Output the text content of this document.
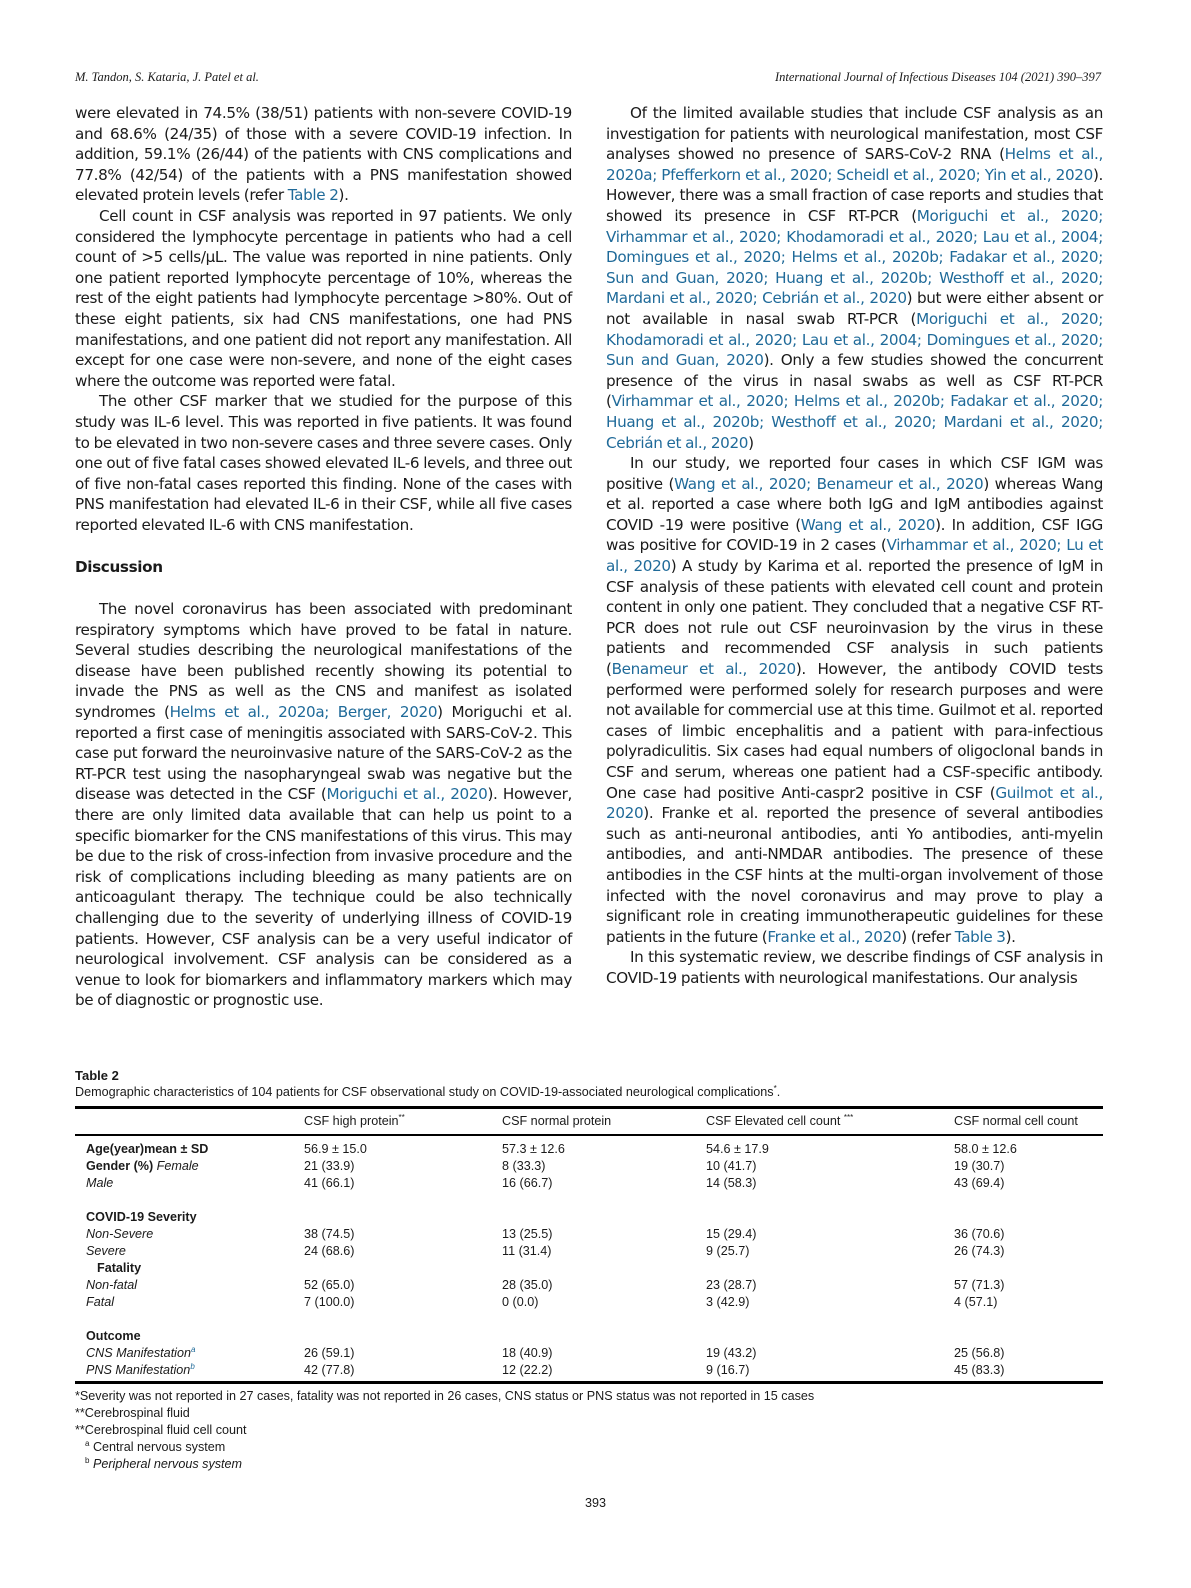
M. Tandon, S. Kataria, J. Patel et al.	International Journal of Infectious Diseases 104 (2021) 390–397

were elevated in 74.5% (38/51) patients with non-severe COVID-19 and 68.6% (24/35) of those with a severe COVID-19 infection. In addition, 59.1% (26/44) of the patients with CNS complications and 77.8% (42/54) of the patients with a PNS manifestation showed elevated protein levels (refer Table 2).

Cell count in CSF analysis was reported in 97 patients. We only considered the lymphocyte percentage in patients who had a cell count of >5 cells/μL. The value was reported in nine patients. Only one patient reported lymphocyte percentage of 10%, whereas the rest of the eight patients had lymphocyte percentage >80%. Out of these eight patients, six had CNS manifestations, one had PNS manifestations, and one patient did not report any manifestation. All except for one case were non-severe, and none of the eight cases where the outcome was reported were fatal.

The other CSF marker that we studied for the purpose of this study was IL-6 level. This was reported in five patients. It was found to be elevated in two non-severe cases and three severe cases. Only one out of five fatal cases showed elevated IL-6 levels, and three out of five non-fatal cases reported this finding. None of the cases with PNS manifestation had elevated IL-6 in their CSF, while all five cases reported elevated IL-6 with CNS manifestation.

Discussion

The novel coronavirus has been associated with predominant respiratory symptoms which have proved to be fatal in nature. Several studies describing the neurological manifestations of the disease have been published recently showing its potential to invade the PNS as well as the CNS and manifest as isolated syndromes (Helms et al., 2020a; Berger, 2020) Moriguchi et al. reported a first case of meningitis associated with SARS-CoV-2. This case put forward the neuroinvasive nature of the SARS-CoV-2 as the RT-PCR test using the nasopharyngeal swab was negative but the disease was detected in the CSF (Moriguchi et al., 2020). However, there are only limited data available that can help us point to a specific biomarker for the CNS manifestations of this virus. This may be due to the risk of cross-infection from invasive procedure and the risk of complications including bleeding as many patients are on anticoagulant therapy. The technique could be also technically challenging due to the severity of underlying illness of COVID-19 patients. However, CSF analysis can be a very useful indicator of neurological involvement. CSF analysis can be considered as a venue to look for biomarkers and inflammatory markers which may be of diagnostic or prognostic use.

Of the limited available studies that include CSF analysis as an investigation for patients with neurological manifestation, most CSF analyses showed no presence of SARS-CoV-2 RNA (Helms et al., 2020a; Pfefferkorn et al., 2020; Scheidl et al., 2020; Yin et al., 2020). However, there was a small fraction of case reports and studies that showed its presence in CSF RT-PCR (Moriguchi et al., 2020; Virhammar et al., 2020; Khodamoradi et al., 2020; Lau et al., 2004; Domingues et al., 2020; Helms et al., 2020b; Fadakar et al., 2020; Sun and Guan, 2020; Huang et al., 2020b; Westhoff et al., 2020; Mardani et al., 2020; Cebrián et al., 2020) but were either absent or not available in nasal swab RT-PCR (Moriguchi et al., 2020; Khodamoradi et al., 2020; Lau et al., 2004; Domingues et al., 2020; Sun and Guan, 2020). Only a few studies showed the concurrent presence of the virus in nasal swabs as well as CSF RT-PCR (Virhammar et al., 2020; Helms et al., 2020b; Fadakar et al., 2020; Huang et al., 2020b; Westhoff et al., 2020; Mardani et al., 2020; Cebrián et al., 2020)

In our study, we reported four cases in which CSF IGM was positive (Wang et al., 2020; Benameur et al., 2020) whereas Wang et al. reported a case where both IgG and IgM antibodies against COVID -19 were positive (Wang et al., 2020). In addition, CSF IGG was positive for COVID-19 in 2 cases (Virhammar et al., 2020; Lu et al., 2020) A study by Karima et al. reported the presence of IgM in CSF analysis of these patients with elevated cell count and protein content in only one patient. They concluded that a negative CSF RT-PCR does not rule out CSF neuroinvasion by the virus in these patients and recommended CSF analysis in such patients (Benameur et al., 2020). However, the antibody COVID tests performed were performed solely for research purposes and were not available for commercial use at this time. Guilmot et al. reported cases of limbic encephalitis and a patient with para-infectious polyradiculitis. Six cases had equal numbers of oligoclonal bands in CSF and serum, whereas one patient had a CSF-specific antibody. One case had positive Anti-caspr2 positive in CSF (Guilmot et al., 2020). Franke et al. reported the presence of several antibodies such as anti-neuronal antibodies, anti Yo antibodies, anti-myelin antibodies, and anti-NMDAR antibodies. The presence of these antibodies in the CSF hints at the multi-organ involvement of those infected with the novel coronavirus and may prove to play a significant role in creating immunotherapeutic guidelines for these patients in the future (Franke et al., 2020) (refer Table 3).

In this systematic review, we describe findings of CSF analysis in COVID-19 patients with neurological manifestations. Our analysis

Table 2
Demographic characteristics of 104 patients for CSF observational study on COVID-19-associated neurological complications*.
	CSF high protein**	CSF normal protein	CSF Elevated cell count ***	CSF normal cell count

Age(year)mean ± SD	56.9 ± 15.0	57.3 ± 12.6	54.6 ± 17.9	58.0 ± 12.6
Gender (%) Female	21 (33.9)	8 (33.3)	10 (41.7)	19 (30.7)
Male	41 (66.1)	16 (66.7)	14 (58.3)	43 (69.4)

COVID-19 Severity				
Non-Severe	38 (74.5)	13 (25.5)	15 (29.4)	36 (70.6)
Severe	24 (68.6)	11 (31.4)	9 (25.7)	26 (74.3)
Fatality				
Non-fatal	52 (65.0)	28 (35.0)	23 (28.7)	57 (71.3)
Fatal	7 (100.0)	0 (0.0)	3 (42.9)	4 (57.1)

Outcome				
CNS Manifestation$^a$	26 (59.1)	18 (40.9)	19 (43.2)	25 (56.8)
PNS Manifestation$^b$	42 (77.8)	12 (22.2)	9 (16.7)	45 (83.3)
*Severity was not reported in 27 cases, fatality was not reported in 26 cases, CNS status or PNS status was not reported in 15 cases
**Cerebrospinal fluid
**Cerebrospinal fluid cell count
$^a$ Central nervous system
$^b$ Peripheral nervous system
393
